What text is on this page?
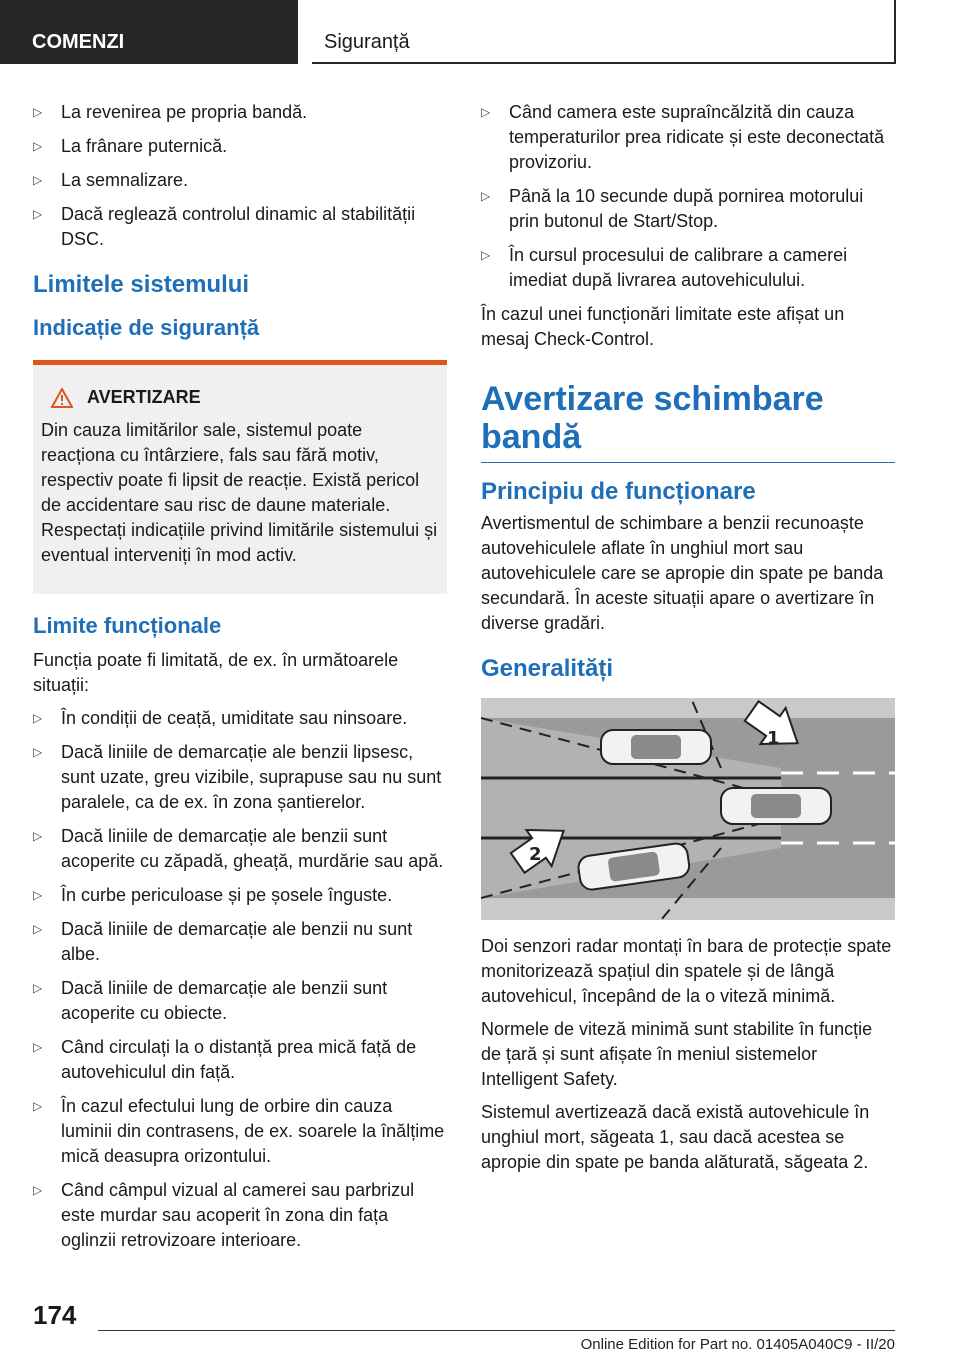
COMENZI	Siguranță
▷ La revenirea pe propria bandă.
▷ La frânare puternică.
▷ La semnalizare.
▷ Dacă reglează controlul dinamic al stabilității DSC.
Limitele sistemului
Indicație de siguranță
AVERTIZARE

Din cauza limitărilor sale, sistemul poate reacționa cu întârziere, fals sau fără motiv, respectiv poate fi lipsit de reacție. Există pericol de accidentare sau risc de daune materiale. Respectați indicațiile privind limitările sistemului și eventual interveniți în mod activ.

Limite funcționale

Funcția poate fi limitată, de ex. în următoarele situații:

▷ În condiții de ceață, umiditate sau ninsoare.
▷ Dacă liniile de demarcație ale benzii lipsesc, sunt uzate, greu vizibile, suprapuse sau nu sunt paralele, ca de ex. în zona șantierelor.
▷ Dacă liniile de demarcație ale benzii sunt acoperite cu zăpadă, gheață, murdărie sau apă.
▷ În curbe periculoase și pe șosele înguste.
▷ Dacă liniile de demarcație ale benzii nu sunt albe.
▷ Dacă liniile de demarcație ale benzii sunt acoperite cu obiecte.
▷ Când circulați la o distanță prea mică față de autovehiculul din față.
▷ În cazul efectului lung de orbire din cauza luminii din contrasens, de ex. soarele la înălțime mică deasupra orizontului.
▷ Când câmpul vizual al camerei sau parbrizul este murdar sau acoperit în zona din fața oglinzii retrovizoare interioare.
▷ Când camera este supraîncălzită din cauza temperaturilor prea ridicate și este deconectată provizoriu.
▷ Până la 10 secunde după pornirea motorului prin butonul de Start/Stop.
▷ În cursul procesului de calibrare a camerei imediat după livrarea autovehiculului.

În cazul unei funcționări limitate este afișat un mesaj Check-Control.

Avertizare schimbare bandă
Principiu de funcționare

Avertismentul de schimbare a benzii recunoaște autovehiculele aflate în unghiul mort sau autovehiculele care se apropie din spate pe banda secundară. În aceste situații apare o avertizare în diverse gradări.

Generalități
1
2

Doi senzori radar montați în bara de protecție spate monitorizează spațiul din spatele și de lângă autovehicul, începând de la o viteză minimă.

Normele de viteză minimă sunt stabilite în funcție de țară și sunt afișate în meniul sistemelor Intelligent Safety.

Sistemul avertizează dacă există autovehicule în unghiul mort, săgeata 1, sau dacă acestea se apropie din spate pe banda alăturată, săgeata 2.

174
Online Edition for Part no. 01405A040C9 - II/20
